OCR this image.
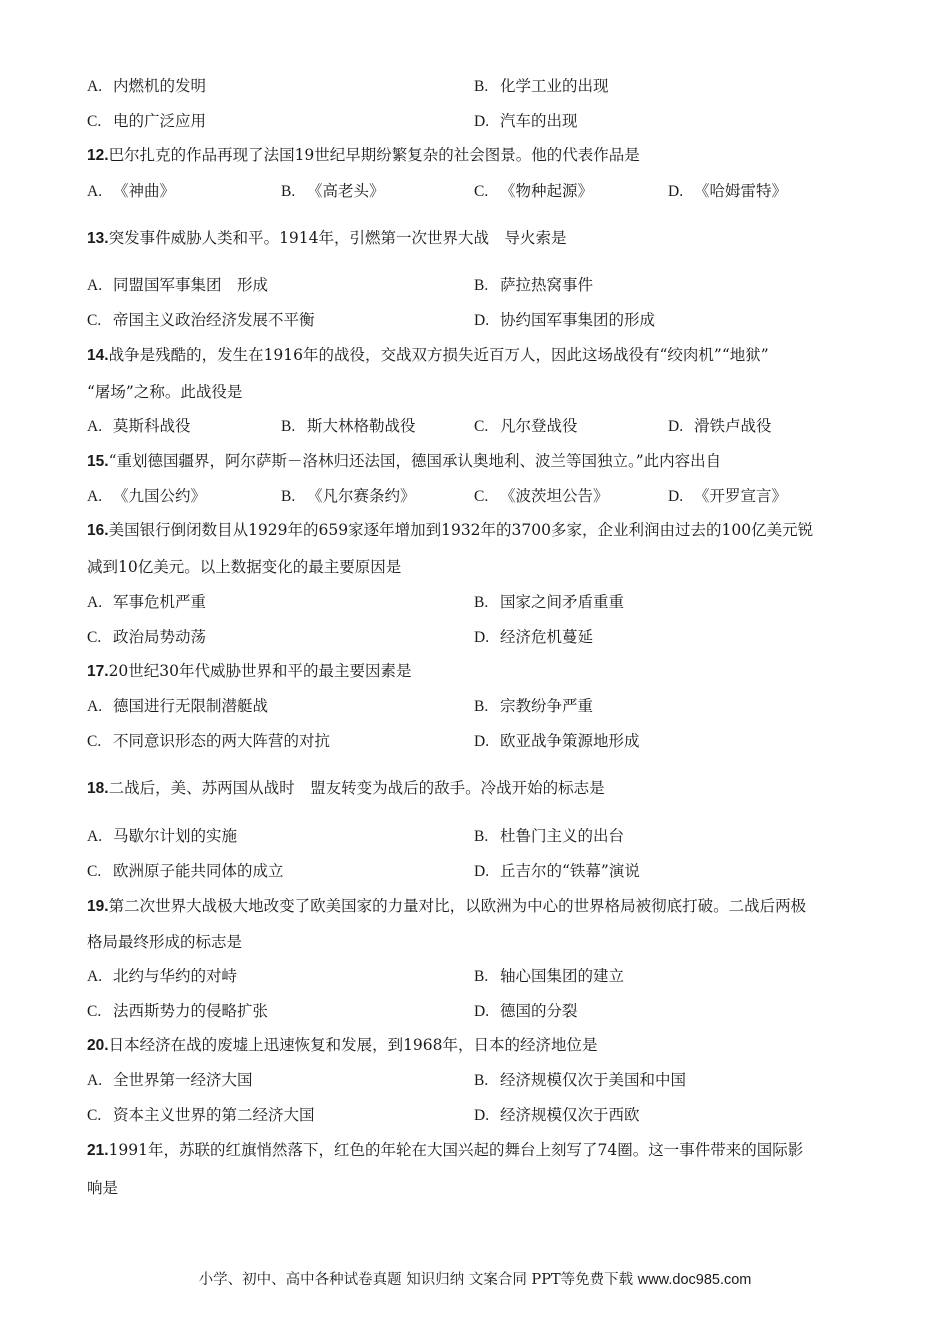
A. 内燃机的发明	B. 化学工业的出现
C. 电的广泛应用	D. 汽车的出现
12.巴尔扎克的作品再现了法国19世纪早期纷繁复杂的社会图景。他的代表作品是
A. 《神曲》	B. 《高老头》	C. 《物种起源》	D. 《哈姆雷特》
13.突发事件威胁人类和平。1914年，引燃第一次世界大战　导火索是
A. 同盟国军事集团　形成	B. 萨拉热窝事件
C. 帝国主义政治经济发展不平衡	D. 协约国军事集团的形成
14.战争是残酷的，发生在1916年的战役，交战双方损失近百万人，因此这场战役有“绞肉机”“地狱”
“屠场”之称。此战役是
A. 莫斯科战役	B. 斯大林格勒战役	C. 凡尔登战役	D. 滑铁卢战役
15.“重划德国疆界，阿尔萨斯－洛林归还法国，德国承认奥地利、波兰等国独立。”此内容出自
A. 《九国公约》	B. 《凡尔赛条约》	C. 《波茨坦公告》	D. 《开罗宣言》
16.美国银行倒闭数目从1929年的659家逐年增加到1932年的3700多家，企业利润由过去的100亿美元锐
减到10亿美元。以上数据变化的最主要原因是
A. 军事危机严重	B. 国家之间矛盾重重
C. 政治局势动荡	D. 经济危机蔓延
17.20世纪30年代威胁世界和平的最主要因素是
A. 德国进行无限制潜艇战	B. 宗教纷争严重
C. 不同意识形态的两大阵营的对抗	D. 欧亚战争策源地形成
18.二战后，美、苏两国从战时　盟友转变为战后的敌手。冷战开始的标志是
A. 马歇尔计划的实施	B. 杜鲁门主义的出台
C. 欧洲原子能共同体的成立	D. 丘吉尔的“铁幕”演说
19.第二次世界大战极大地改变了欧美国家的力量对比，以欧洲为中心的世界格局被彻底打破。二战后两极
格局最终形成的标志是
A. 北约与华约的对峙	B. 轴心国集团的建立
C. 法西斯势力的侵略扩张	D. 德国的分裂
20.日本经济在战的废墟上迅速恢复和发展，到1968年，日本的经济地位是
A. 全世界第一经济大国	B. 经济规模仅次于美国和中国
C. 资本主义世界的第二经济大国	D. 经济规模仅次于西欧
21.1991年，苏联的红旗悄然落下，红色的年轮在大国兴起的舞台上刻写了74圈。这一事件带来的国际影
响是
小学、初中、高中各种试卷真题 知识归纳 文案合同 PPT等免费下载 www.doc985.com
